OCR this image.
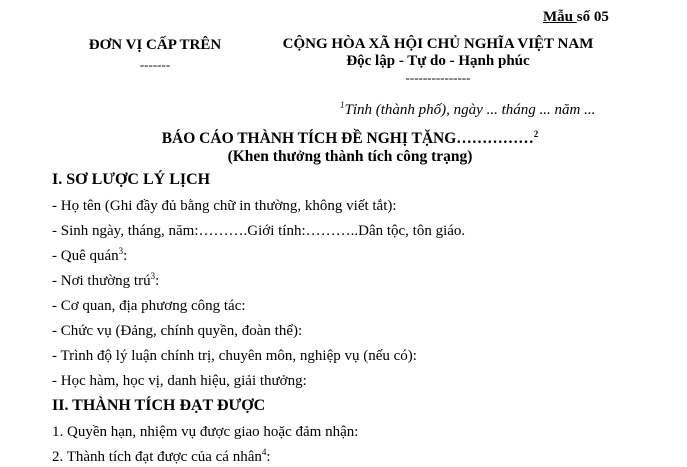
Mẫu số 05
ĐƠN VỊ CẤP TRÊN
-------
CỘNG HÒA XÃ HỘI CHỦ NGHĨA VIỆT NAM
Độc lập - Tự do - Hạnh phúc
---------------
$^1$Tỉnh (thành phố), ngày ... tháng ... năm ...
BÁO CÁO THÀNH TÍCH ĐỀ NGHỊ TẶNG……………$^2$
(Khen thưởng thành tích công trạng)
I. SƠ LƯỢC LÝ LỊCH
- Họ tên (Ghi đầy đủ bằng chữ in thường, không viết tắt):
- Sinh ngày, tháng, năm:……….Giới tính:………..Dân tộc, tôn giáo.
- Quê quán$^3$:
- Nơi thường trú$^3$:
- Cơ quan, địa phương công tác:
- Chức vụ (Đảng, chính quyền, đoàn thể):
- Trình độ lý luận chính trị, chuyên môn, nghiệp vụ (nếu có):
- Học hàm, học vị, danh hiệu, giải thưởng:
II. THÀNH TÍCH ĐẠT ĐƯỢC
1. Quyền hạn, nhiệm vụ được giao hoặc đảm nhận:
2. Thành tích đạt được của cá nhân$^4$:
